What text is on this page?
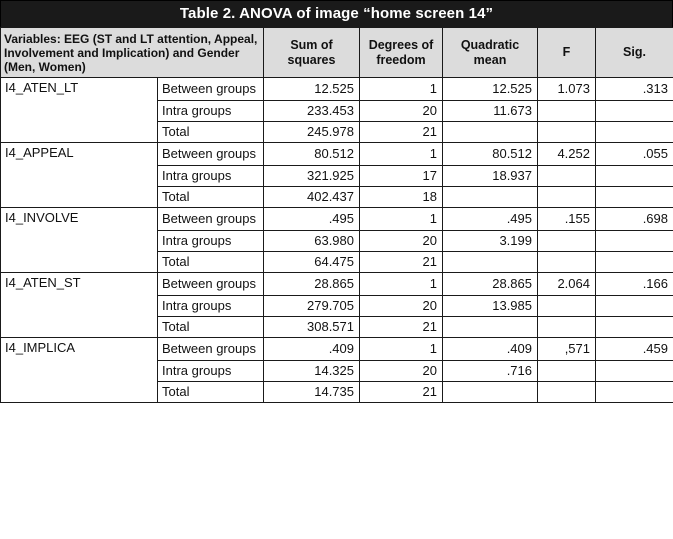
Table 2. ANOVA of image “home screen 14”
Variables: EEG (ST and LT attention, Appeal, Involvement and Implication) and Gender (Men, Women)		Sum of squares	Degrees of freedom	Quadratic mean	F	Sig.
I4_ATEN_LT	Between groups	12.525	1	12.525	1.073	.313
	Intra groups	233.453	20	11.673		
	Total	245.978	21			
I4_APPEAL	Between groups	80.512	1	80.512	4.252	.055
	Intra groups	321.925	17	18.937		
	Total	402.437	18			
I4_INVOLVE	Between groups	.495	1	.495	.155	.698
	Intra groups	63.980	20	3.199		
	Total	64.475	21			
I4_ATEN_ST	Between groups	28.865	1	28.865	2.064	.166
	Intra groups	279.705	20	13.985		
	Total	308.571	21			
I4_IMPLICA	Between groups	.409	1	.409	,571	.459
	Intra groups	14.325	20	.716		
	Total	14.735	21			
